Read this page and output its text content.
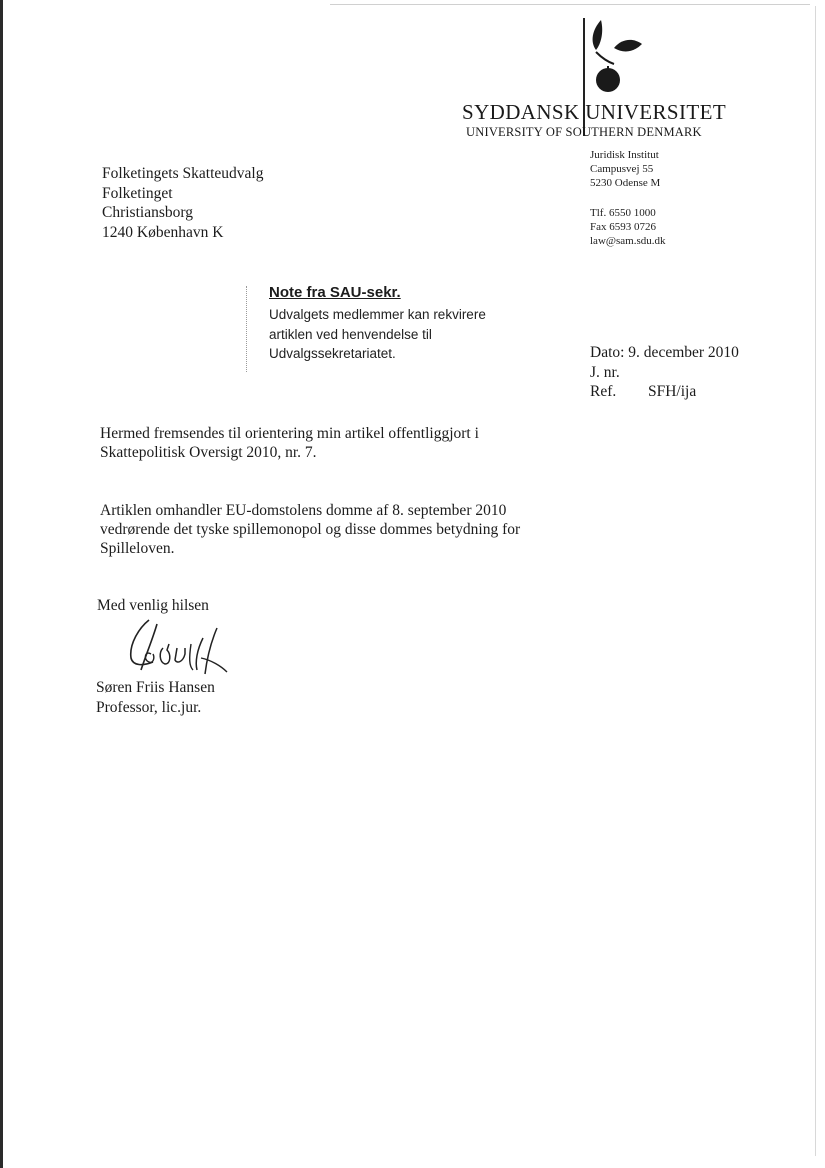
SYDDANSK UNIVERSITET
UNIVERSITY OF SOUTHERN DENMARK
Juridisk Institut
Campusvej 55
5230 Odense M
Tlf. 6550 1000
Fax 6593 0726
law@sam.sdu.dk
Folketingets Skatteudvalg
Folketinget
Christiansborg
1240 København K
Note fra SAU-sekr.
Udvalgets medlemmer kan rekvirere
artiklen ved henvendelse til
Udvalgssekretariatet.	Dato: 9. december 2010
J. nr.
Ref.	SFH/ija
Hermed fremsendes til orientering min artikel offentliggjort i
Skattepolitisk Oversigt 2010, nr. 7.
Artiklen omhandler EU-domstolens domme af 8. september 2010
vedrørende det tyske spillemonopol og disse dommes betydning for
Spilleloven.
Med venlig hilsen
Søren Friis Hansen
Professor, lic.jur.
